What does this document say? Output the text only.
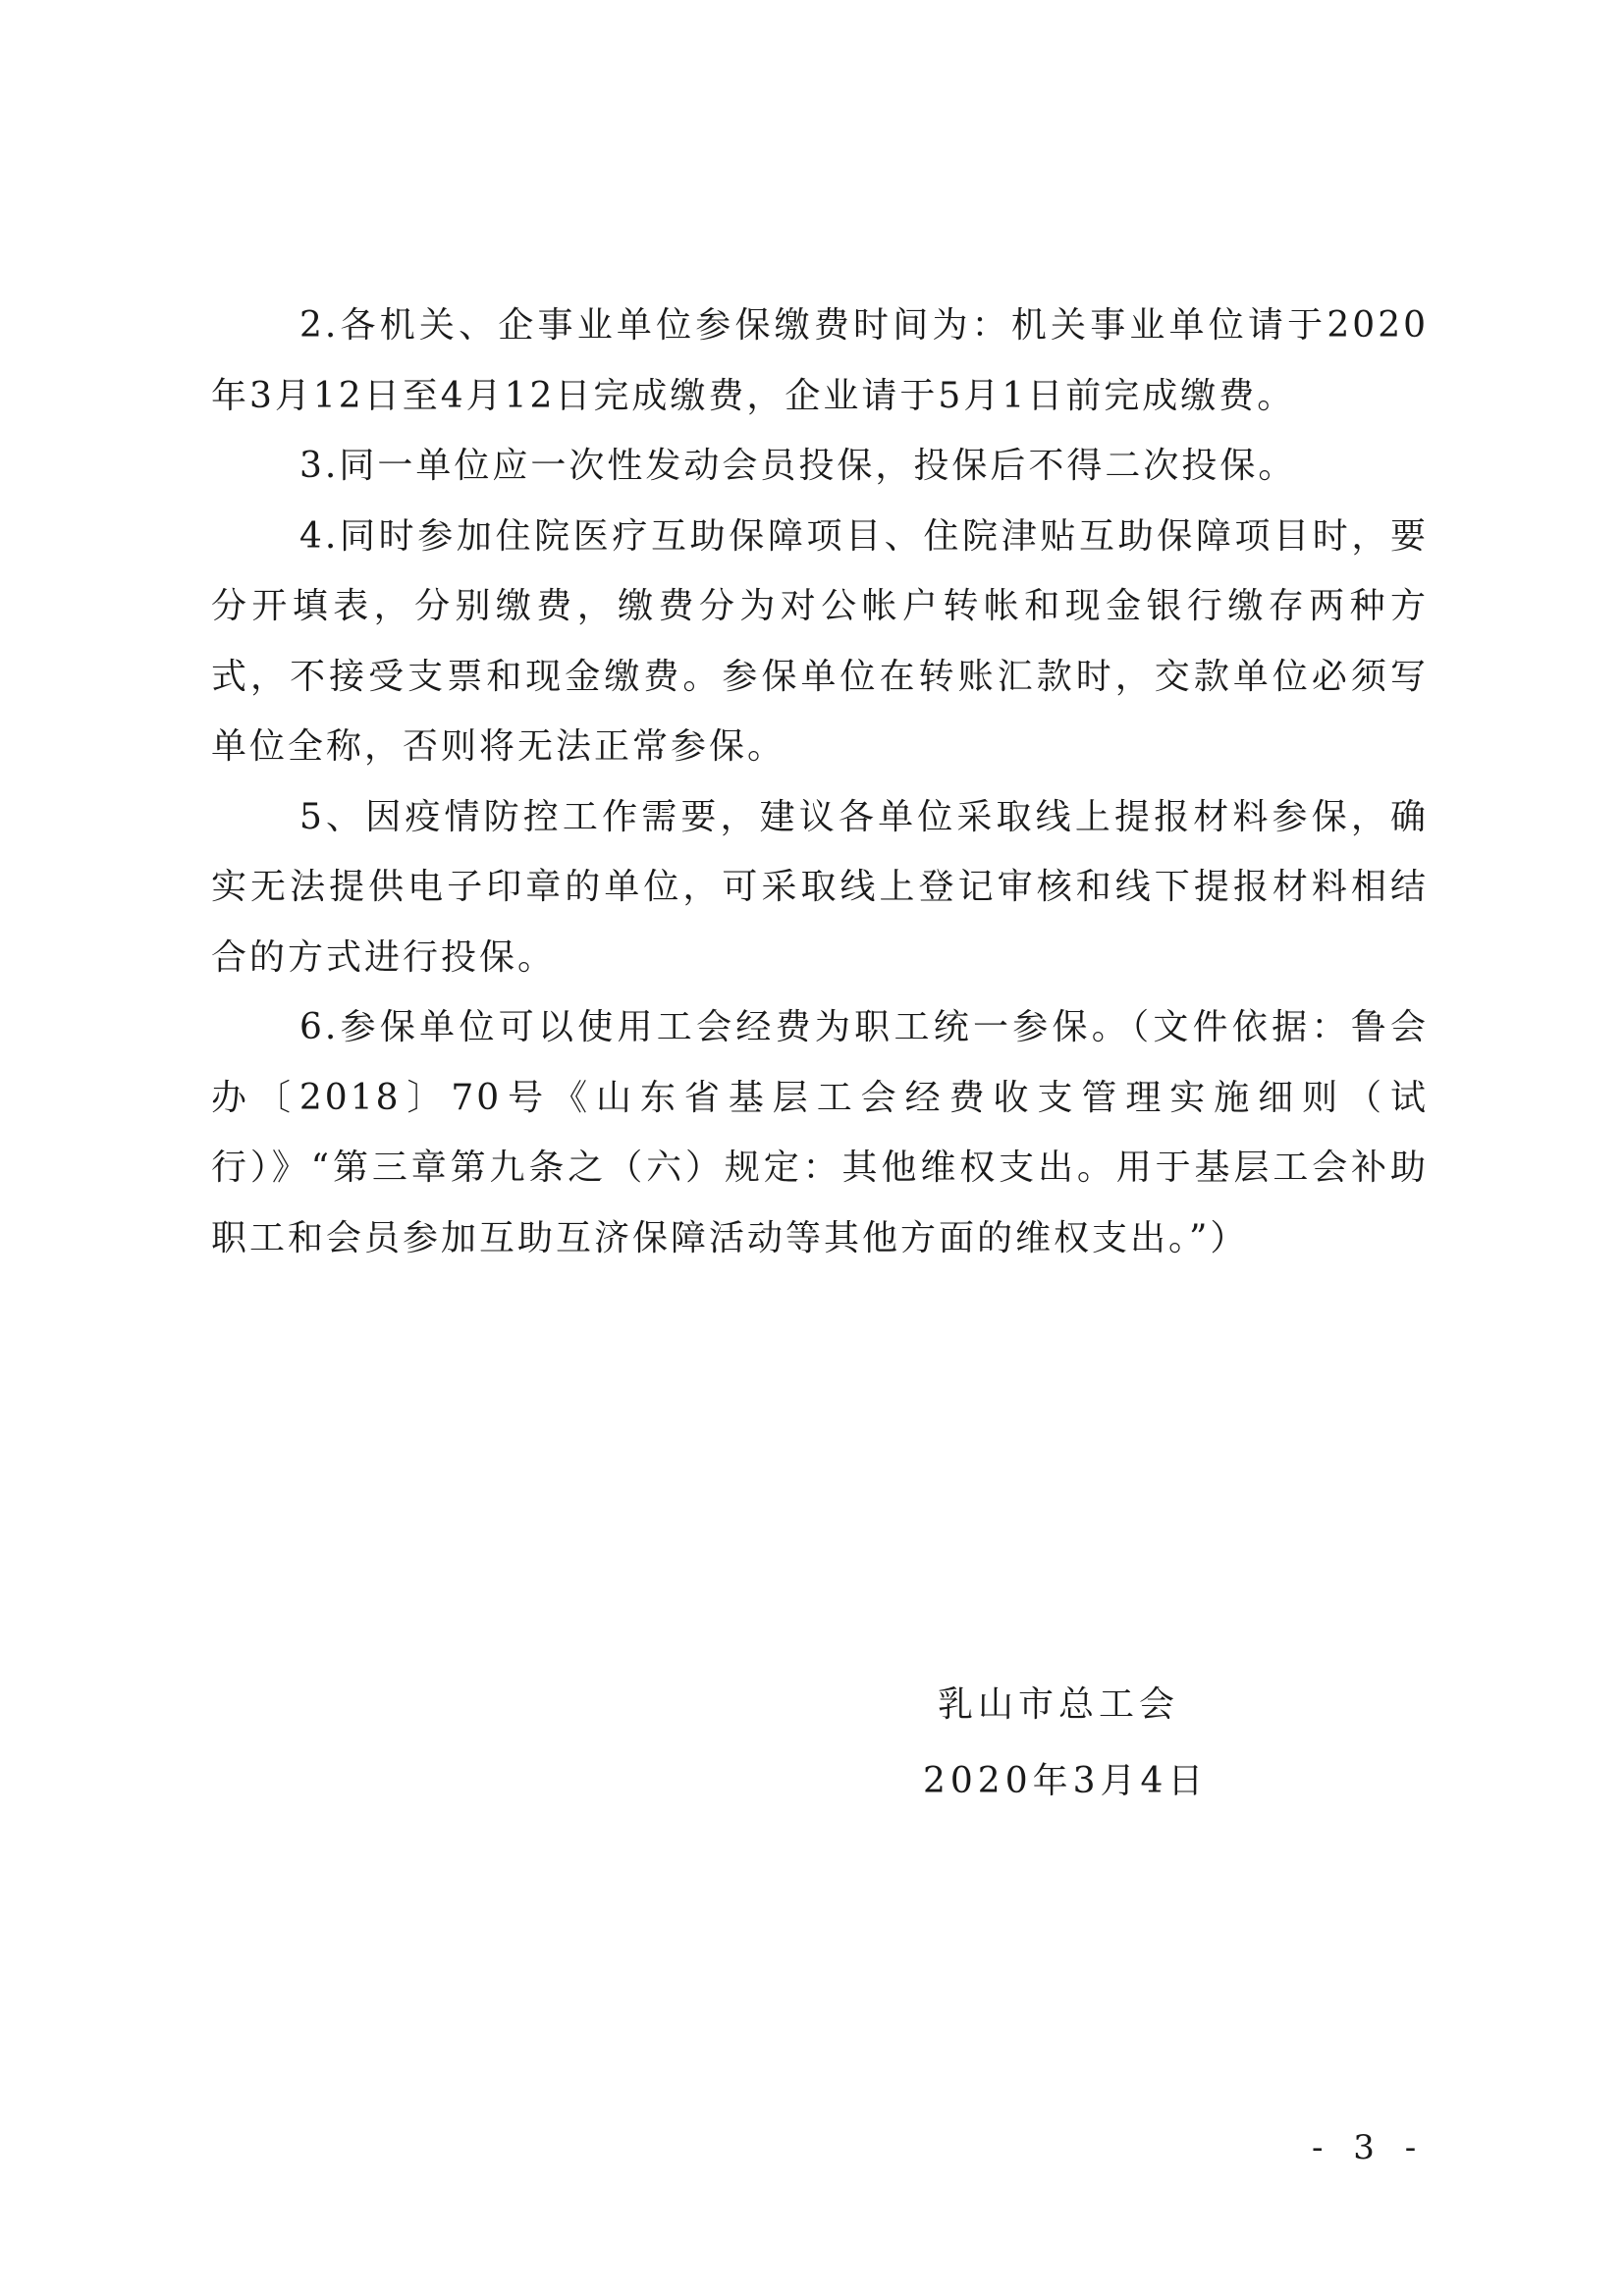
2.各机关、企事业单位参保缴费时间为：机关事业单位请于2020年3月12日至4月12日完成缴费，企业请于5月1日前完成缴费。

3.同一单位应一次性发动会员投保，投保后不得二次投保。

4.同时参加住院医疗互助保障项目、住院津贴互助保障项目时，要分开填表，分别缴费，缴费分为对公帐户转帐和现金银行缴存两种方式，不接受支票和现金缴费。参保单位在转账汇款时，交款单位必须写单位全称，否则将无法正常参保。

5、因疫情防控工作需要，建议各单位采取线上提报材料参保，确实无法提供电子印章的单位，可采取线上登记审核和线下提报材料相结合的方式进行投保。

6.参保单位可以使用工会经费为职工统一参保。（文件依据：鲁会办〔2018〕70号《山东省基层工会经费收支管理实施细则（试行）》“第三章第九条之（六）规定：其他维权支出。用于基层工会补助职工和会员参加互助互济保障活动等其他方面的维权支出。”）

乳山市总工会
2020年3月4日
- 3 -
